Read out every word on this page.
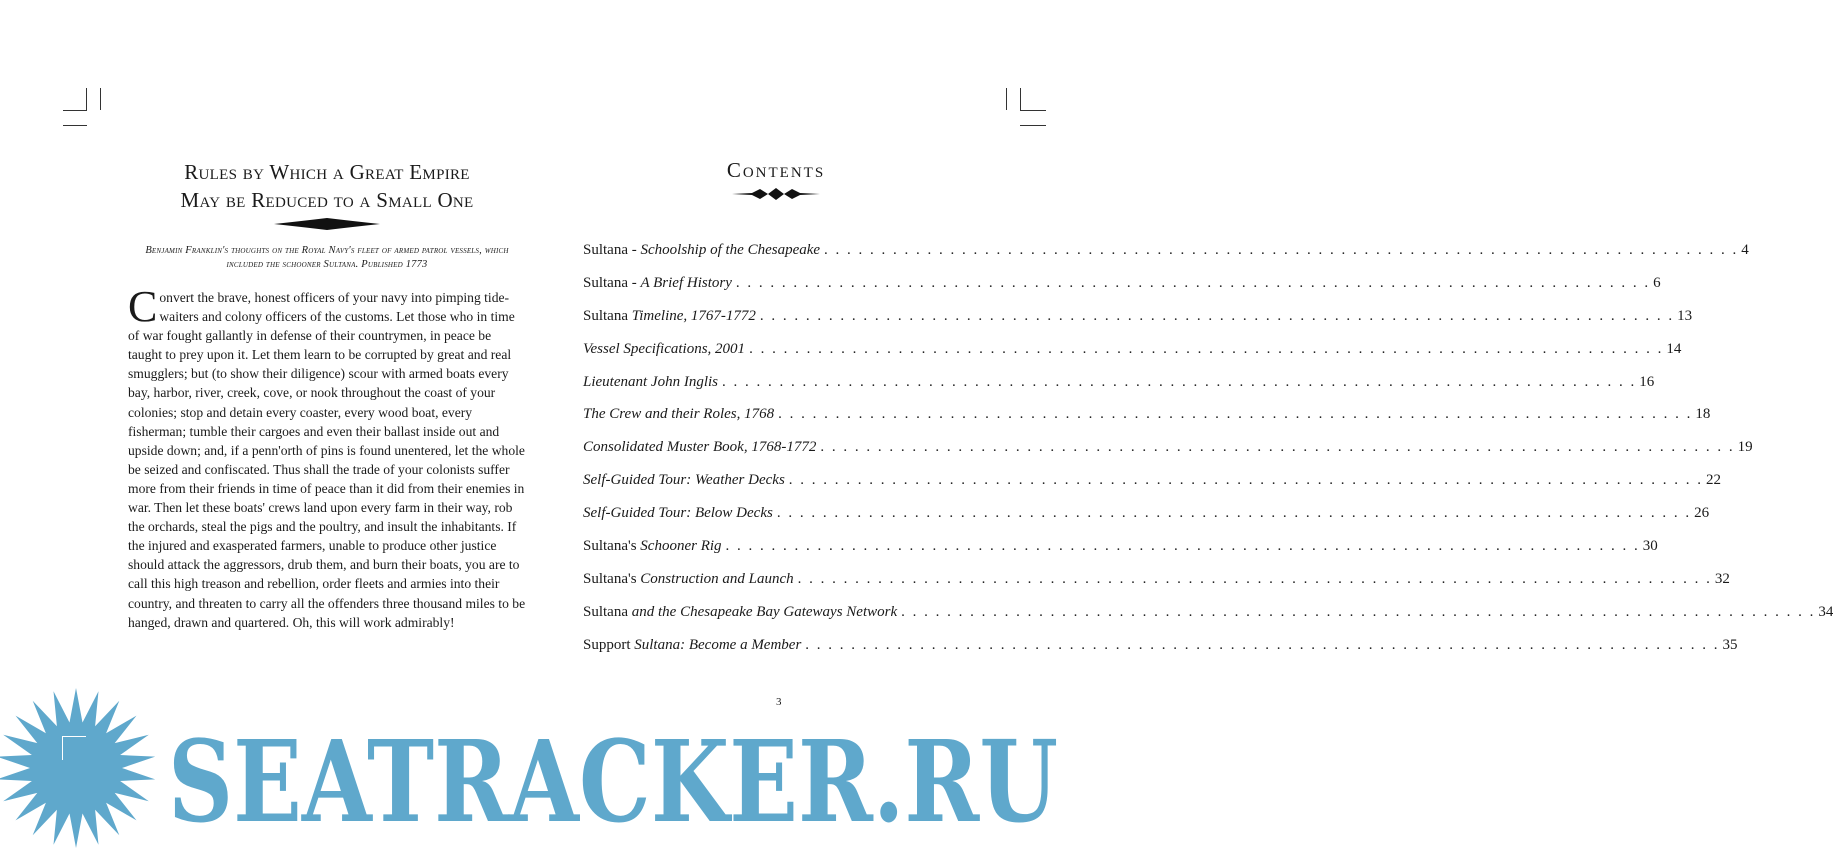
Rules by Which a Great Empire
May be Reduced to a Small One
Benjamin Franklin's thoughts on the Royal Navy's fleet of armed patrol vessels, which included the schooner Sultana. Published 1773
Convert the brave, honest officers of your navy into pimping tide-waiters and colony officers of the customs. Let those who in time of war fought gallantly in defense of their countrymen, in peace be taught to prey upon it. Let them learn to be corrupted by great and real smugglers; but (to show their diligence) scour with armed boats every bay, harbor, river, creek, cove, or nook throughout the coast of your colonies; stop and detain every coaster, every wood boat, every fisherman; tumble their cargoes and even their ballast inside out and upside down; and, if a penn'orth of pins is found unentered, let the whole be seized and confiscated. Thus shall the trade of your colonists suffer more from their friends in time of peace than it did from their enemies in war. Then let these boats' crews land upon every farm in their way, rob the orchards, steal the pigs and the poultry, and insult the inhabitants. If the injured and exasperated farmers, unable to produce other justice should attack the aggressors, drub them, and burn their boats, you are to call this high treason and rebellion, order fleets and armies into their country, and threaten to carry all the offenders three thousand miles to be hanged, drawn and quartered. Oh, this will work admirably!
Contents
Sultana - Schoolship of the Chesapeake . . . . . . . . . . . . . . . . . . . . . . . . . . . . . . . . . . . . . . . . . . . . . . . . . . . . . . . . . . . . . . . . . . . . . . . . . . . . . . . . 4
Sultana - A Brief History . . . . . . . . . . . . . . . . . . . . . . . . . . . . . . . . . . . . . . . . . . . . . . . . . . . . . . . . . . . . . . . . . . . . . . . . . . . . . . . . 6
Sultana Timeline, 1767-1772 . . . . . . . . . . . . . . . . . . . . . . . . . . . . . . . . . . . . . . . . . . . . . . . . . . . . . . . . . . . . . . . . . . . . . . . . . . . . . . . . 13
Vessel Specifications, 2001 . . . . . . . . . . . . . . . . . . . . . . . . . . . . . . . . . . . . . . . . . . . . . . . . . . . . . . . . . . . . . . . . . . . . . . . . . . . . . . . . 14
Lieutenant John Inglis . . . . . . . . . . . . . . . . . . . . . . . . . . . . . . . . . . . . . . . . . . . . . . . . . . . . . . . . . . . . . . . . . . . . . . . . . . . . . . . . 16
The Crew and their Roles, 1768 . . . . . . . . . . . . . . . . . . . . . . . . . . . . . . . . . . . . . . . . . . . . . . . . . . . . . . . . . . . . . . . . . . . . . . . . . . . . . . . . 18
Consolidated Muster Book, 1768-1772 . . . . . . . . . . . . . . . . . . . . . . . . . . . . . . . . . . . . . . . . . . . . . . . . . . . . . . . . . . . . . . . . . . . . . . . . . . . . . . . . 19
Self-Guided Tour: Weather Decks . . . . . . . . . . . . . . . . . . . . . . . . . . . . . . . . . . . . . . . . . . . . . . . . . . . . . . . . . . . . . . . . . . . . . . . . . . . . . . . . 22
Self-Guided Tour: Below Decks . . . . . . . . . . . . . . . . . . . . . . . . . . . . . . . . . . . . . . . . . . . . . . . . . . . . . . . . . . . . . . . . . . . . . . . . . . . . . . . . 26
Sultana's Schooner Rig . . . . . . . . . . . . . . . . . . . . . . . . . . . . . . . . . . . . . . . . . . . . . . . . . . . . . . . . . . . . . . . . . . . . . . . . . . . . . . . . 30
Sultana's Construction and Launch . . . . . . . . . . . . . . . . . . . . . . . . . . . . . . . . . . . . . . . . . . . . . . . . . . . . . . . . . . . . . . . . . . . . . . . . . . . . . . . . 32
Sultana and the Chesapeake Bay Gateways Network . . . . . . . . . . . . . . . . . . . . . . . . . . . . . . . . . . . . . . . . . . . . . . . . . . . . . . . . . . . . . . . . . . . . . . . . . . . . . . . . 34
Support Sultana: Become a Member . . . . . . . . . . . . . . . . . . . . . . . . . . . . . . . . . . . . . . . . . . . . . . . . . . . . . . . . . . . . . . . . . . . . . . . . . . . . . . . . 35
3
SEATRACKER.RU
